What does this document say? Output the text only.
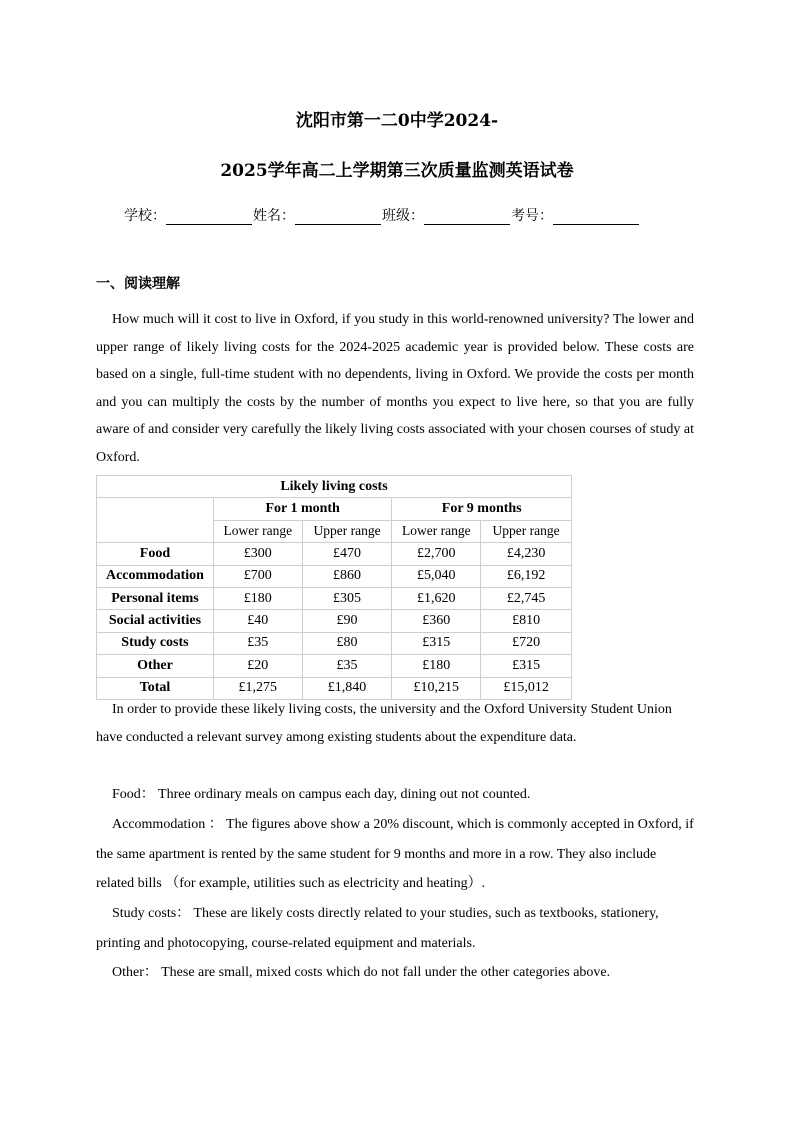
沈阳市第一二0中学2024-
2025学年高二上学期第三次质量监测英语试卷
学校：	姓名：	班级：	考号：
一、阅读理解
How much will it cost to live in Oxford, if you study in this world-renowned university? The lower and upper range of likely living costs for the 2024-2025 academic year is provided below. These costs are based on a single, full-time student with no dependents, living in Oxford. We provide the costs per month and you can multiply the costs by the number of months you expect to live here, so that you are fully aware of and consider very carefully the likely living costs associated with your chosen courses of study at Oxford.
Likely living costs				
	For 1 month		For 9 months	
	Lower range	Upper range	Lower range	Upper range
Food	£300	£470	£2,700	£4,230
Accommodation	£700	£860	£5,040	£6,192
Personal items	£180	£305	£1,620	£2,745
Social activities	£40	£90	£360	£810
Study costs	£35	£80	£315	£720
Other	£20	£35	£180	£315
Total	£1,275	£1,840	£10,215	£15,012
In order to provide these likely living costs, the university and the Oxford University Student Union have conducted a relevant survey among existing students about the expenditure data.
Food： Three ordinary meals on campus each day, dining out not counted.
Accommodation ： The figures above show a 20% discount, which is commonly accepted in Oxford, if the same apartment is rented by the same student for 9 months and more in a row. They also include related bills （for example, utilities such as electricity and heating）.
Study costs： These are likely costs directly related to your studies, such as textbooks, stationery, printing and photocopying, course-related equipment and materials.
Other： These are small, mixed costs which do not fall under the other categories above.
